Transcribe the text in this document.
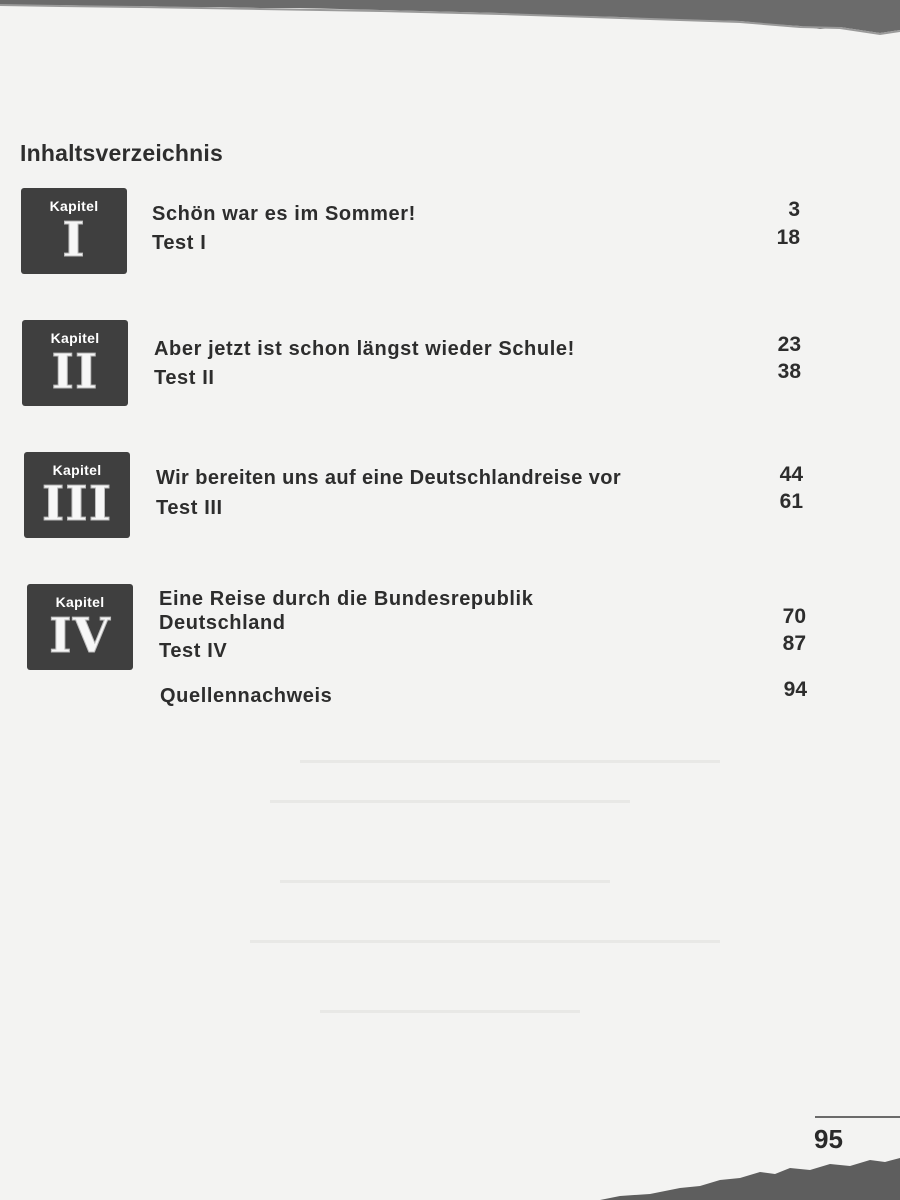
Inhaltsverzeichnis
Kapitel
I	Schön war es im Sommer!	3
Test I	18
Kapitel
II	Aber jetzt ist schon längst wieder Schule!	23
Test II	38
Kapitel
III	Wir bereiten uns auf eine Deutschlandreise vor	44
Test III	61
Kapitel
IV
Eine Reise durch die Bundesrepublik
Deutschland	70
Test IV	87
Quellennachweis	94
95
